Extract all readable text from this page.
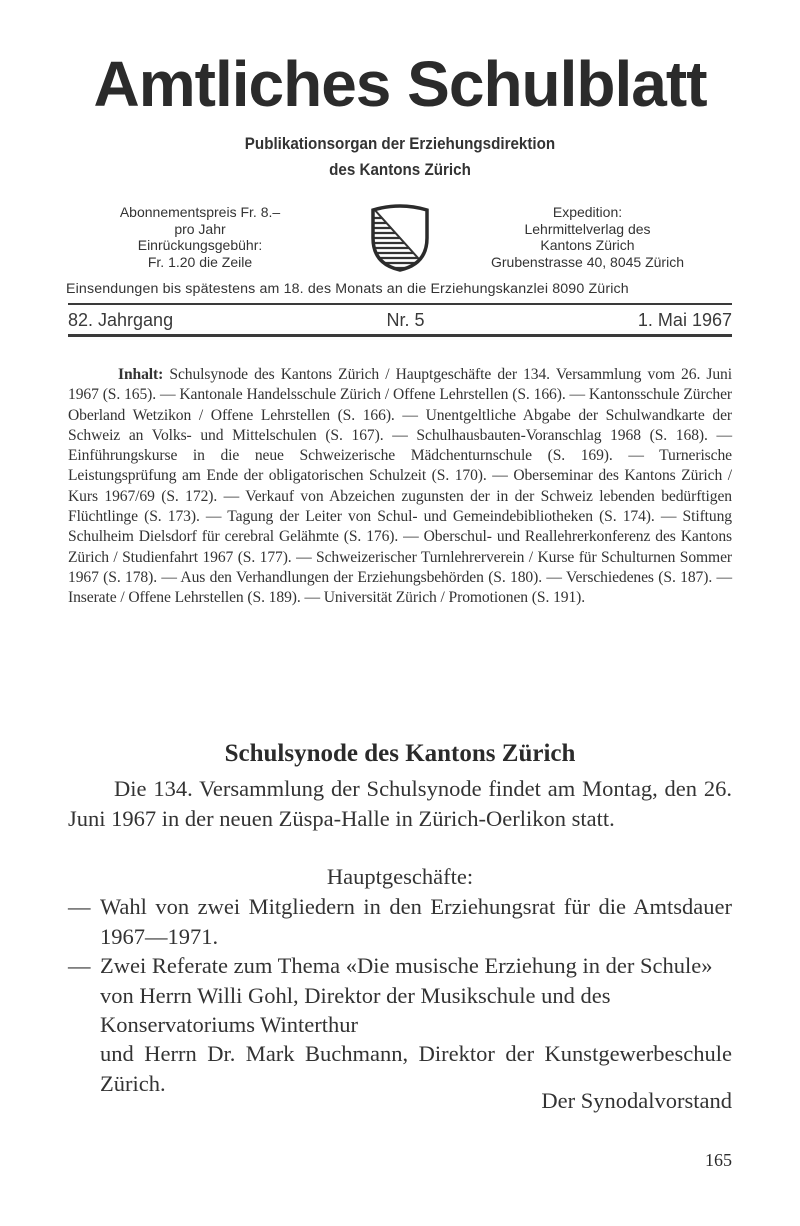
Amtliches Schulblatt
Publikationsorgan der Erziehungsdirektion
des Kantons Zürich
Abonnementspreis Fr. 8.–
pro Jahr
Einrückungsgebühr:
Fr. 1.20 die Zeile
Expedition:
Lehrmittelverlag des
Kantons Zürich
Grubenstrasse 40, 8045 Zürich
Einsendungen bis spätestens am 18. des Monats an die Erziehungskanzlei 8090 Zürich
82. Jahrgang	Nr. 5	1. Mai 1967
Inhalt: Schulsynode des Kantons Zürich / Hauptgeschäfte der 134. Versammlung vom 26. Juni 1967 (S. 165). — Kantonale Handelsschule Zürich / Offene Lehrstellen (S. 166). — Kantonsschule Zürcher Oberland Wetzikon / Offene Lehrstellen (S. 166). — Unentgeltliche Abgabe der Schulwandkarte der Schweiz an Volks- und Mittelschulen (S. 167). — Schulhausbauten-Voranschlag 1968 (S. 168). — Einführungskurse in die neue Schweizerische Mädchenturnschule (S. 169). — Turnerische Leistungsprüfung am Ende der obligatorischen Schulzeit (S. 170). — Oberseminar des Kantons Zürich / Kurs 1967/69 (S. 172). — Verkauf von Abzeichen zugunsten der in der Schweiz lebenden bedürftigen Flüchtlinge (S. 173). — Tagung der Leiter von Schul- und Gemeindebibliotheken (S. 174). — Stiftung Schulheim Dielsdorf für cerebral Gelähmte (S. 176). — Oberschul- und Reallehrerkonferenz des Kantons Zürich / Studienfahrt 1967 (S. 177). — Schweizerischer Turnlehrerverein / Kurse für Schulturnen Sommer 1967 (S. 178). — Aus den Verhandlungen der Erziehungsbehörden (S. 180). — Verschiedenes (S. 187). — Inserate / Offene Lehrstellen (S. 189). — Universität Zürich / Promotionen (S. 191).
Schulsynode des Kantons Zürich
Die 134. Versammlung der Schulsynode findet am Montag, den 26. Juni 1967 in der neuen Züspa-Halle in Zürich-Oerlikon statt.
Hauptgeschäfte:
— Wahl von zwei Mitgliedern in den Erziehungsrat für die Amtsdauer 1967—1971.
— Zwei Referate zum Thema «Die musische Erziehung in der Schule» von Herrn Willi Gohl, Direktor der Musikschule und des Konservatoriums Winterthur
und Herrn Dr. Mark Buchmann, Direktor der Kunstgewerbeschule Zürich.
Der Synodalvorstand
165
